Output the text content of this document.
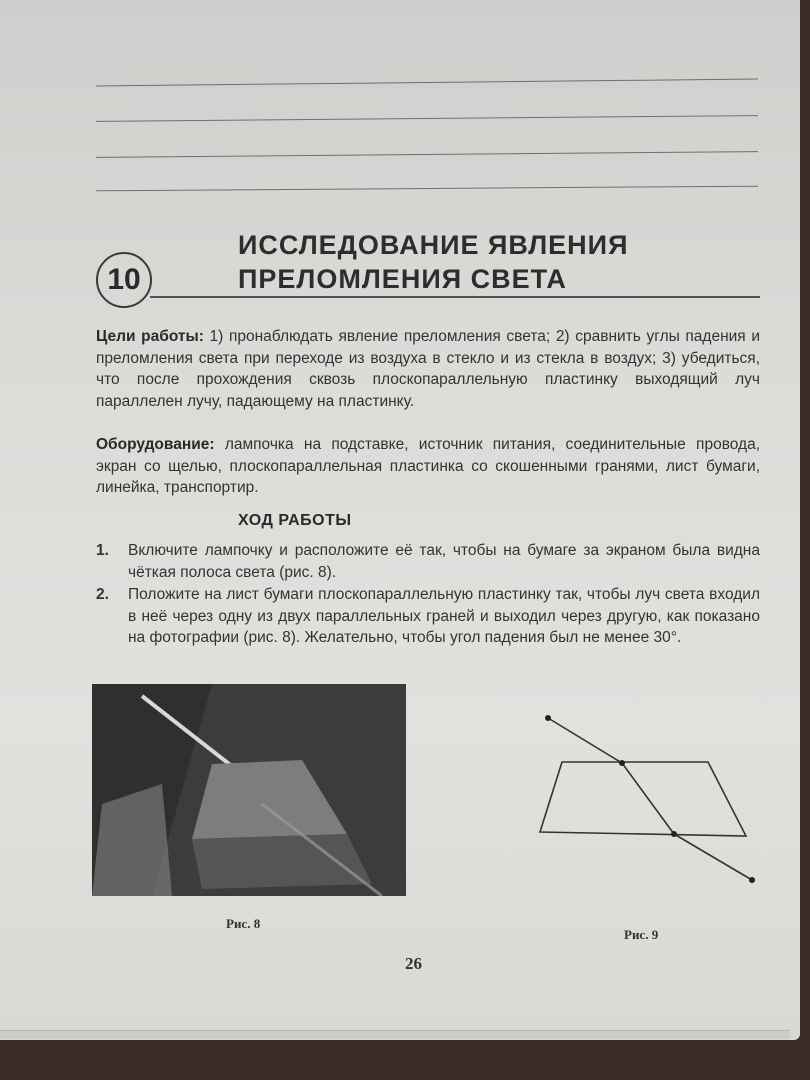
10
ИССЛЕДОВАНИЕ ЯВЛЕНИЯ
ПРЕЛОМЛЕНИЯ СВЕТА
Цели работы: 1) пронаблюдать явление преломления света; 2) сравнить углы падения и преломления света при переходе из воздуха в стекло и из стекла в воздух; 3) убедиться, что после прохождения сквозь плоскопараллельную пластинку выходящий луч параллелен лучу, падающему на пластинку.
Оборудование: лампочка на подставке, источник питания, соединительные провода, экран со щелью, плоскопараллельная пластинка со скошенными гранями, лист бумаги, линейка, транспортир.
ХОД РАБОТЫ
1. Включите лампочку и расположите её так, чтобы на бумаге за экраном была видна чёткая полоса света (рис. 8).
2. Положите на лист бумаги плоскопараллельную пластинку так, чтобы луч света входил в неё через одну из двух параллельных граней и выходил через другую, как показано на фотографии (рис. 8). Желательно, чтобы угол падения был не менее 30°.
Рис. 8
Рис. 9
26
